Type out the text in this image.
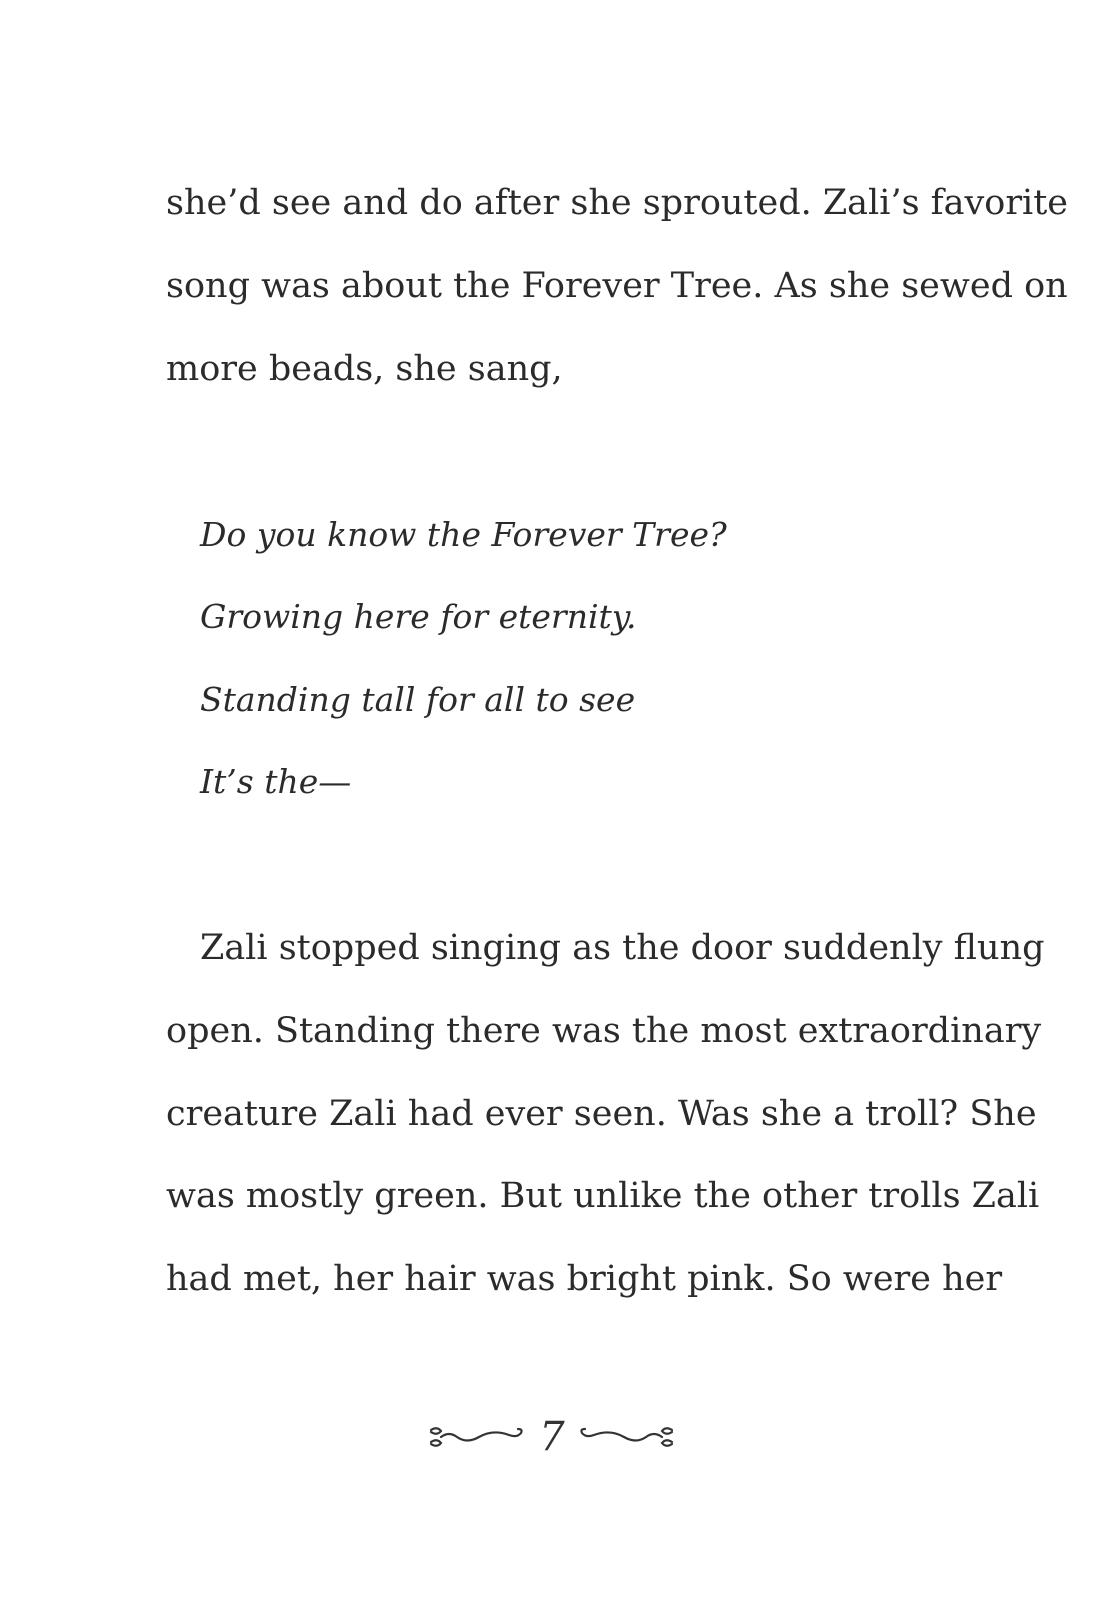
she’d see and do after she sprouted. Zali’s favorite
song was about the Forever Tree. As she sewed on
more beads, she sang,
Do you know the Forever Tree?
Growing here for eternity.
Standing tall for all to see
It’s the—
Zali stopped singing as the door suddenly flung
open. Standing there was the most extraordinary
creature Zali had ever seen. Was she a troll? She
was mostly green. But unlike the other trolls Zali
had met, her hair was bright pink. So were her
7
